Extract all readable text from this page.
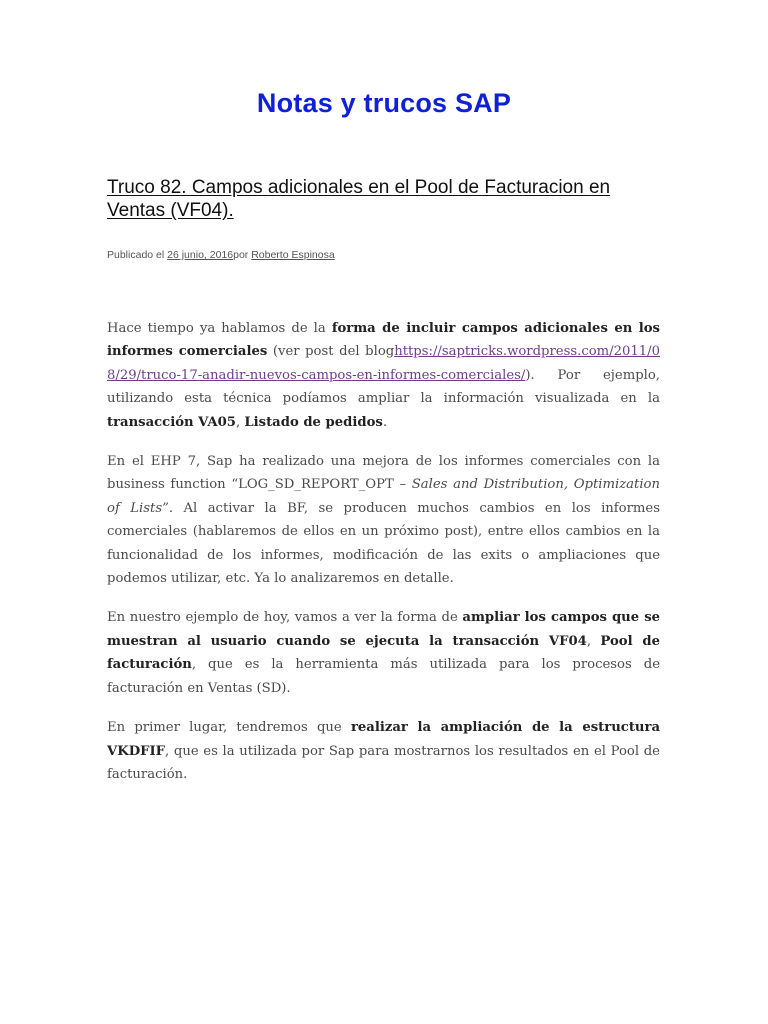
Notas y trucos SAP
Truco 82. Campos adicionales en el Pool de Facturacion en Ventas (VF04).
Publicado el 26 junio, 2016por Roberto Espinosa

Hace tiempo ya hablamos de la forma de incluir campos adicionales en los informes comerciales (ver post del bloghttps://saptricks.wordpress.com/2011/08/29/truco-17-anadir-nuevos-campos-en-informes-comerciales/). Por ejemplo, utilizando esta técnica podíamos ampliar la información visualizada en la transacción VA05, Listado de pedidos.

En el EHP 7, Sap ha realizado una mejora de los informes comerciales con la business function “LOG_SD_REPORT_OPT – Sales and Distribution, Optimization of Lists”. Al activar la BF, se producen muchos cambios en los informes comerciales (hablaremos de ellos en un próximo post), entre ellos cambios en la funcionalidad de los informes, modificación de las exits o ampliaciones que podemos utilizar, etc. Ya lo analizaremos en detalle.

En nuestro ejemplo de hoy, vamos a ver la forma de ampliar los campos que se muestran al usuario cuando se ejecuta la transacción VF04, Pool de facturación, que es la herramienta más utilizada para los procesos de facturación en Ventas (SD).

En primer lugar, tendremos que realizar la ampliación de la estructura VKDFIF, que es la utilizada por Sap para mostrarnos los resultados en el Pool de facturación.
